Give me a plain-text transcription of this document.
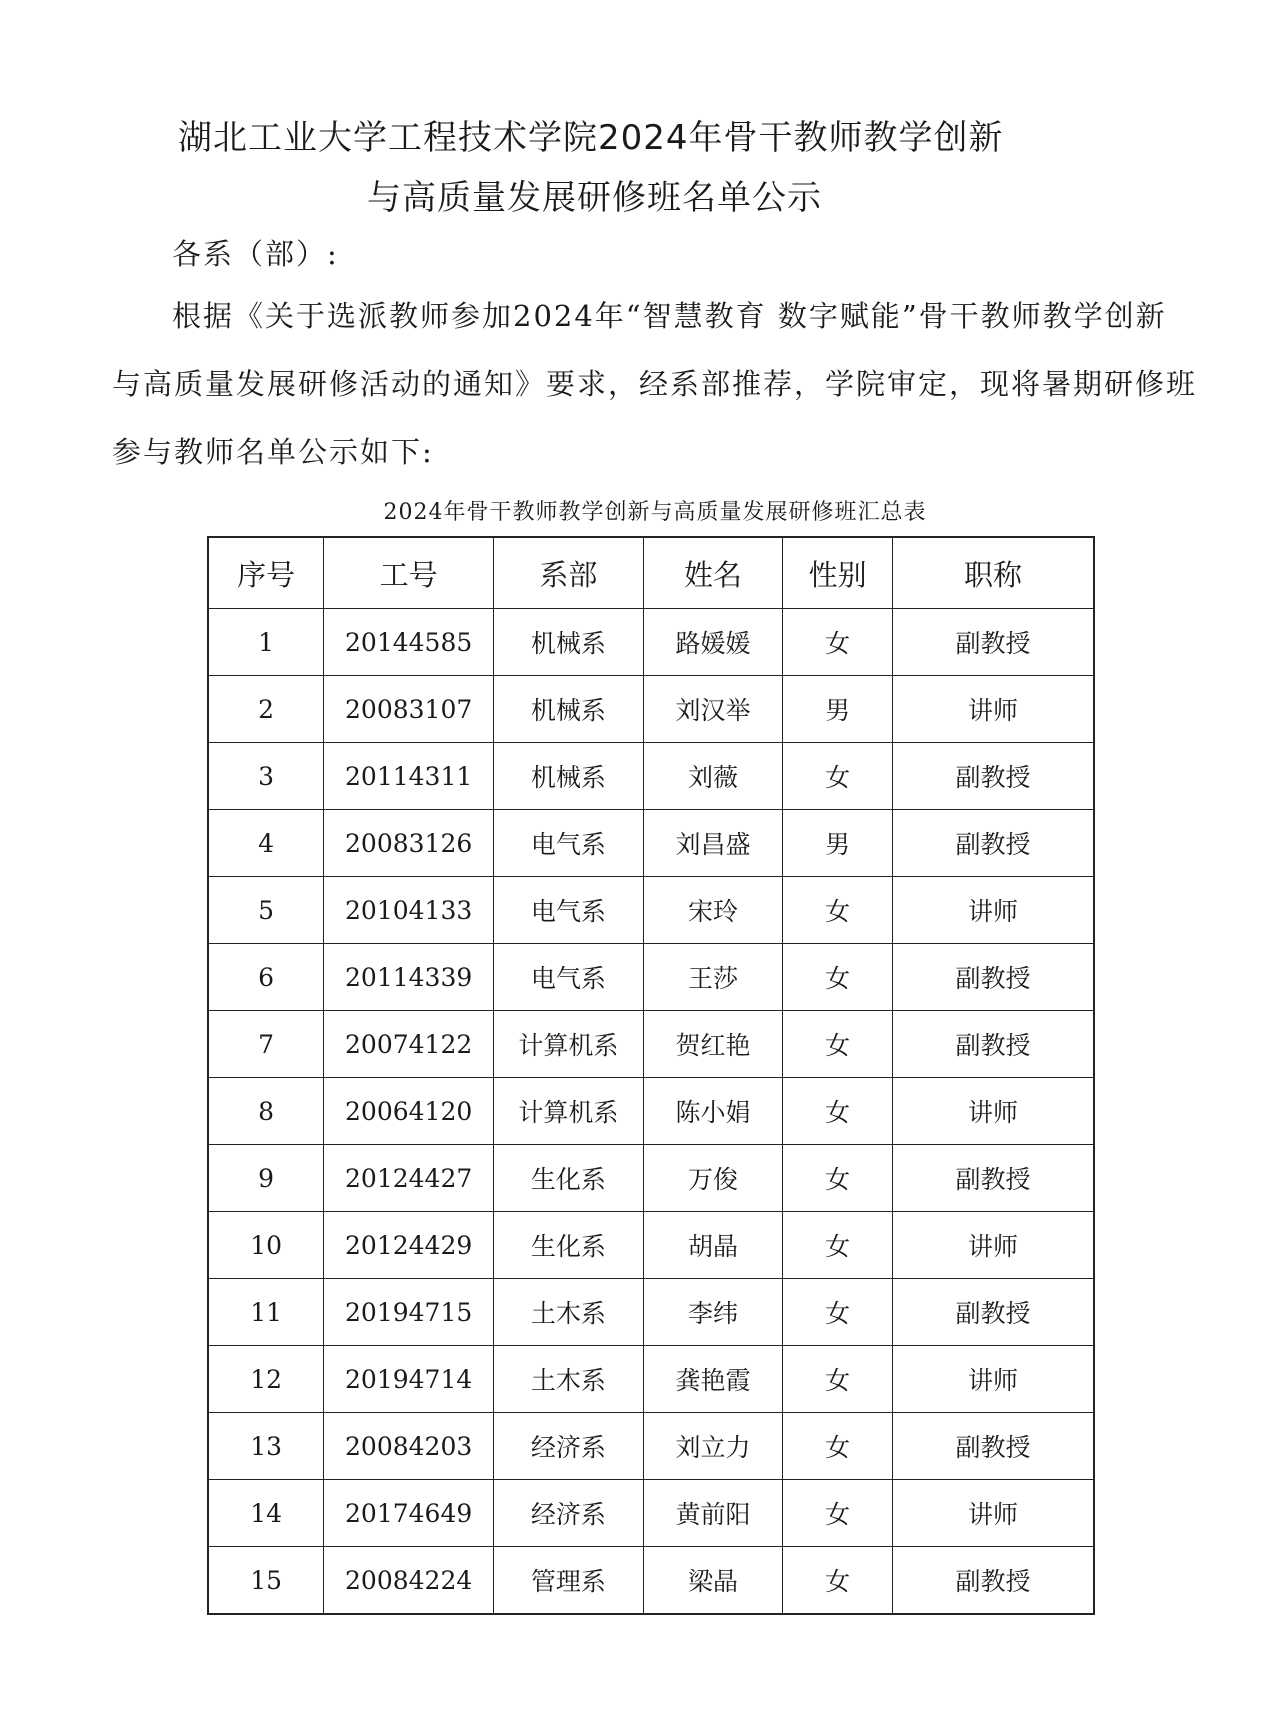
湖北工业大学工程技术学院2024年骨干教师教学创新
与高质量发展研修班名单公示
各系（部）:
根据《关于选派教师参加2024年“智慧教育 数字赋能”骨干教师教学创新
与高质量发展研修活动的通知》要求，经系部推荐，学院审定，现将暑期研修班
参与教师名单公示如下:
2024年骨干教师教学创新与高质量发展研修班汇总表
序号	工号	系部	姓名	性别	职称
1	20144585	机械系	路媛媛	女	副教授
2	20083107	机械系	刘汉举	男	讲师
3	20114311	机械系	刘薇	女	副教授
4	20083126	电气系	刘昌盛	男	副教授
5	20104133	电气系	宋玲	女	讲师
6	20114339	电气系	王莎	女	副教授
7	20074122	计算机系	贺红艳	女	副教授
8	20064120	计算机系	陈小娟	女	讲师
9	20124427	生化系	万俊	女	副教授
10	20124429	生化系	胡晶	女	讲师
11	20194715	土木系	李纬	女	副教授
12	20194714	土木系	龚艳霞	女	讲师
13	20084203	经济系	刘立力	女	副教授
14	20174649	经济系	黄前阳	女	讲师
15	20084224	管理系	梁晶	女	副教授
